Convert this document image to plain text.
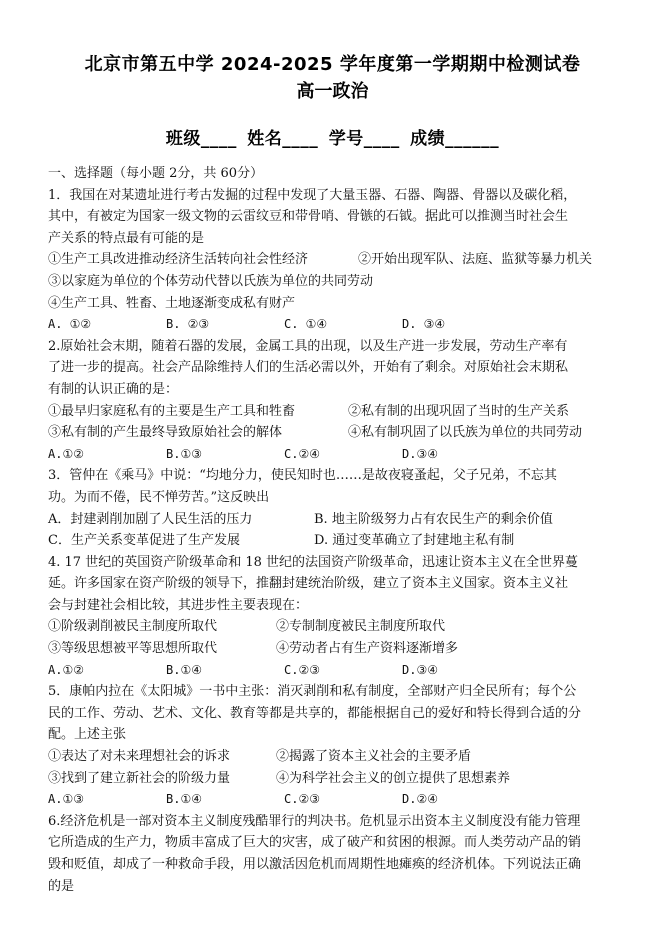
北京市第五中学 2024-2025 学年度第一学期期中检测试卷
高一政治
班级____ 姓名____ 学号____ 成绩______
一、选择题（每小题 2分，共 60分）
1．我国在对某遗址进行考古发掘的过程中发现了大量玉器、石器、陶器、骨器以及碳化稻，
其中，有被定为国家一级文物的云雷纹豆和带骨哨、骨镞的石钺。据此可以推测当时社会生
产关系的特点最有可能的是
①生产工具改进推动经济生活转向社会性经济	②开始出现军队、法庭、监狱等暴力机关
③以家庭为单位的个体劳动代替以氏族为单位的共同劳动
④生产工具、牲畜、土地逐渐变成私有财产
A. ①②	B. ②③	C. ①④	D. ③④
2.原始社会末期，随着石器的发展，金属工具的出现，以及生产进一步发展，劳动生产率有
了进一步的提高。社会产品除维持人们的生活必需以外，开始有了剩余。对原始社会末期私
有制的认识正确的是：
①最早归家庭私有的主要是生产工具和牲畜	②私有制的出现巩固了当时的生产关系
③私有制的产生最终导致原始社会的解体	④私有制巩固了以氏族为单位的共同劳动
A.①②	B.①③	C.②④	D.③④
3．管仲在《乘马》中说：“均地分力，使民知时也……是故夜寝蚤起，父子兄弟，不忘其
功。为而不倦，民不惮劳苦。”这反映出
A．封建剥削加剧了人民生活的压力	B. 地主阶级努力占有农民生产的剩余价值
C．生产关系变革促进了生产发展	D. 通过变革确立了封建地主私有制
4. 17 世纪的英国资产阶级革命和 18 世纪的法国资产阶级革命，迅速让资本主义在全世界蔓
延。许多国家在资产阶级的领导下，推翻封建统治阶级，建立了资本主义国家。资本主义社
会与封建社会相比较，其进步性主要表现在：
①阶级剥削被民主制度所取代	②专制制度被民主制度所取代
③等级思想被平等思想所取代	④劳动者占有生产资料逐渐增多
A.①②	B.①④	C.②③	D.③④
5．康帕内拉在《太阳城》一书中主张：消灭剥削和私有制度，全部财产归全民所有；每个公
民的工作、劳动、艺术、文化、教育等都是共享的，都能根据自己的爱好和特长得到合适的分
配。上述主张
①表达了对未来理想社会的诉求	②揭露了资本主义社会的主要矛盾
③找到了建立新社会的阶级力量	④为科学社会主义的创立提供了思想素养
A.①③	B.①④	C.②③	D.②④
6.经济危机是一部对资本主义制度残酷罪行的判决书。危机显示出资本主义制度没有能力管理
它所造成的生产力，物质丰富成了巨大的灾害，成了破产和贫困的根源。而人类劳动产品的销
毁和贬值，却成了一种救命手段，用以激活因危机而周期性地瘫痪的经济机体。下列说法正确
的是
